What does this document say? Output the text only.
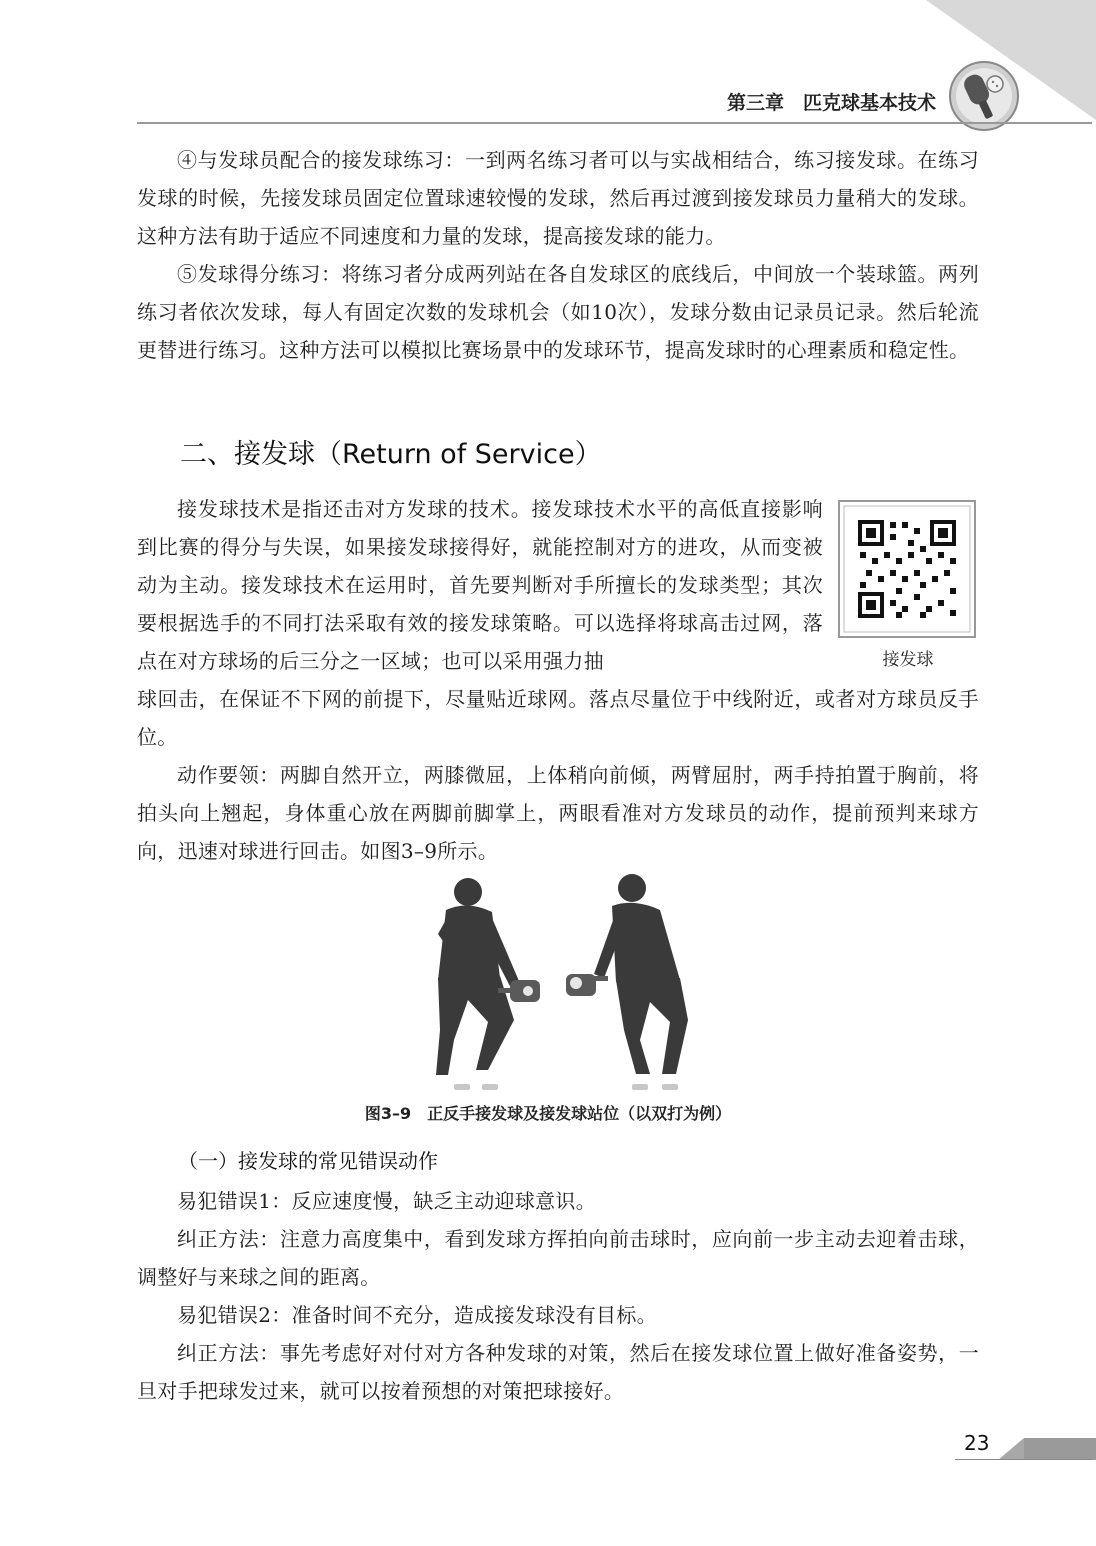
第三章　匹克球基本技术

④与发球员配合的接发球练习：一到两名练习者可以与实战相结合，练习接发球。在练习发球的时候，先接发球员固定位置球速较慢的发球，然后再过渡到接发球员力量稍大的发球。这种方法有助于适应不同速度和力量的发球，提高接发球的能力。

⑤发球得分练习：将练习者分成两列站在各自发球区的底线后，中间放一个装球篮。两列练习者依次发球，每人有固定次数的发球机会（如10次），发球分数由记录员记录。然后轮流更替进行练习。这种方法可以模拟比赛场景中的发球环节，提高发球时的心理素质和稳定性。

二、接发球（Return of Service）

接发球技术是指还击对方发球的技术。接发球技术水平的高低直接影响到比赛的得分与失误，如果接发球接得好，就能控制对方的进攻，从而变被动为主动。接发球技术在运用时，首先要判断对手所擅长的发球类型；其次要根据选手的不同打法采取有效的接发球策略。可以选择将球高击过网，落点在对方球场的后三分之一区域；也可以采用强力抽

球回击，在保证不下网的前提下，尽量贴近球网。落点尽量位于中线附近，或者对方球员反手位。

接发球

动作要领：两脚自然开立，两膝微屈，上体稍向前倾，两臂屈肘，两手持拍置于胸前，将拍头向上翘起，身体重心放在两脚前脚掌上，两眼看准对方发球员的动作，提前预判来球方向，迅速对球进行回击。如图3–9所示。

图3–9　正反手接发球及接发球站位（以双打为例）
（一）接发球的常见错误动作

易犯错误1：反应速度慢，缺乏主动迎球意识。

纠正方法：注意力高度集中，看到发球方挥拍向前击球时，应向前一步主动去迎着击球，调整好与来球之间的距离。

易犯错误2：准备时间不充分，造成接发球没有目标。

纠正方法：事先考虑好对付对方各种发球的对策，然后在接发球位置上做好准备姿势，一旦对手把球发过来，就可以按着预想的对策把球接好。

23
